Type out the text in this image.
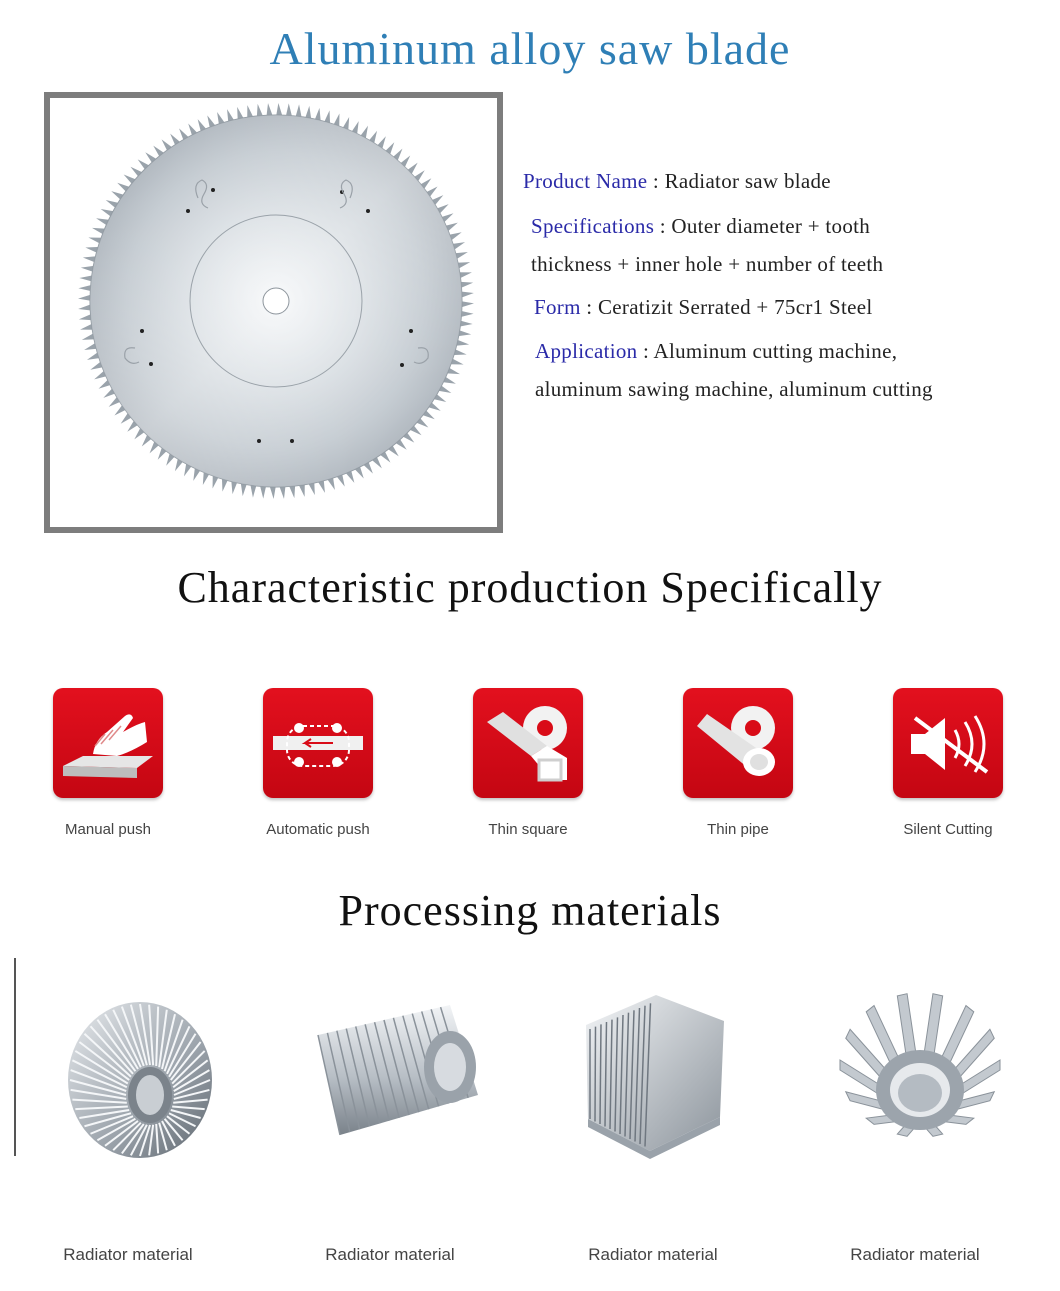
Aluminum alloy saw blade
Product Name : Radiator saw blade
Specifications : Outer diameter + tooth
thickness + inner hole + number of teeth
Form : Ceratizit Serrated + 75cr1 Steel
Application : Aluminum cutting machine,
aluminum sawing machine, aluminum cutting
Characteristic production Specifically
Manual push	Automatic push	Thin square	Thin pipe	Silent Cutting
Processing materials
Radiator material	Radiator material	Radiator material	Radiator material
